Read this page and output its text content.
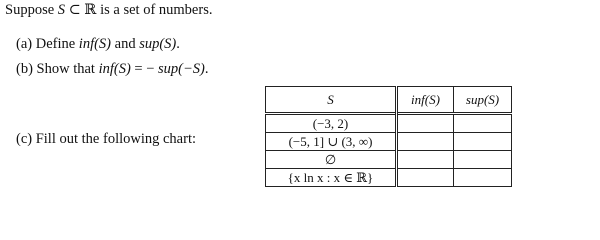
Suppose S ⊂ ℝ is a set of numbers.
(a) Define inf(S) and sup(S).
(b) Show that inf(S) = − sup(−S).
(c) Fill out the following chart:
S	inf(S)	sup(S)
(−3, 2)		
(−5, 1] ∪ (3, ∞)		
∅		
{x ln x : x ∈ ℝ}		
